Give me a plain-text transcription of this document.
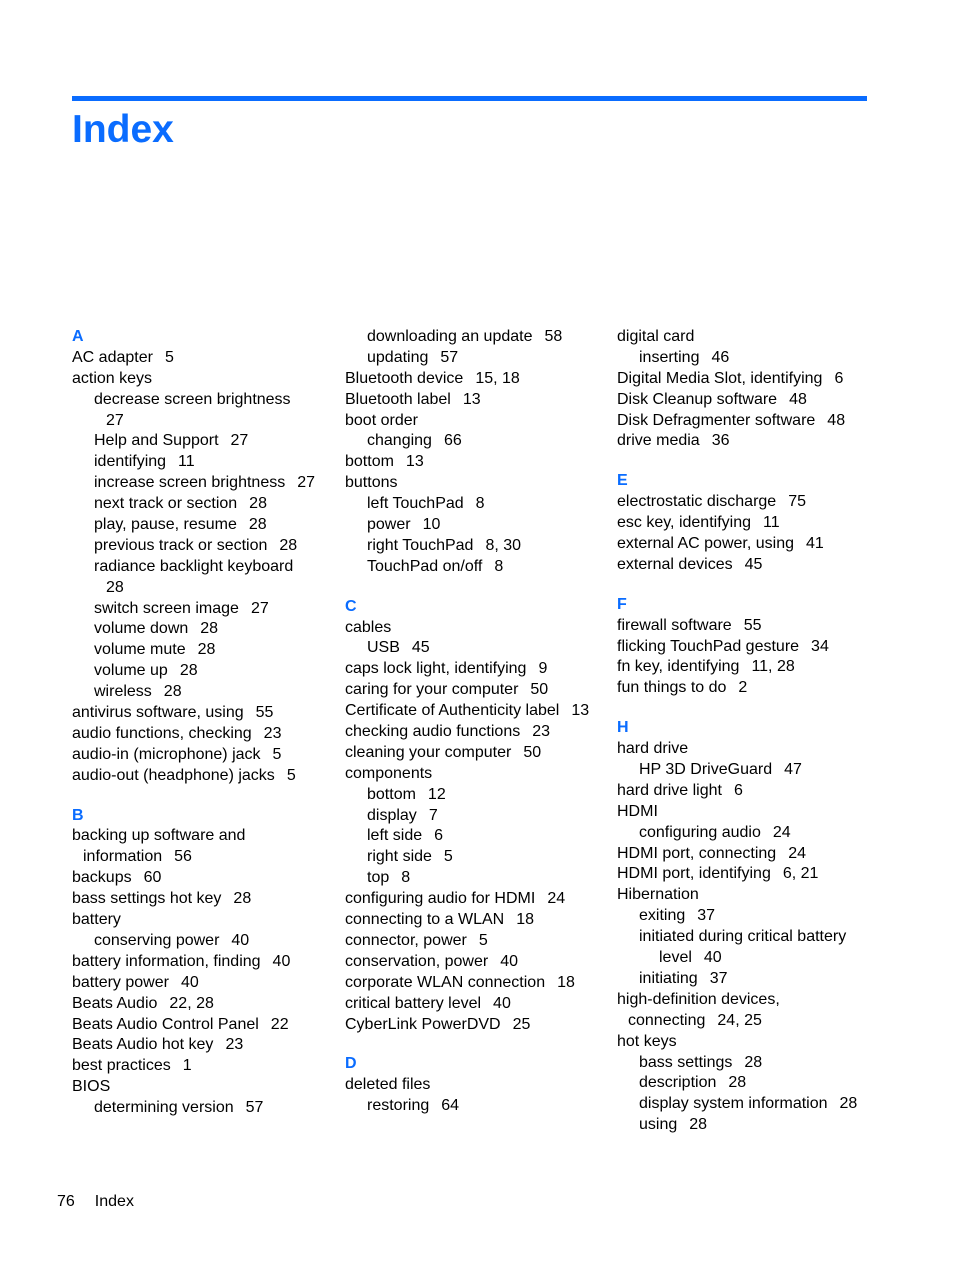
Index
A
AC adapter 5
action keys
decrease screen brightness
27
Help and Support 27
identifying 11
increase screen brightness 27
next track or section 28
play, pause, resume 28
previous track or section 28
radiance backlight keyboard
28
switch screen image 27
volume down 28
volume mute 28
volume up 28
wireless 28
antivirus software, using 55
audio functions, checking 23
audio-in (microphone) jack 5
audio-out (headphone) jacks 5
B
backing up software and
information 56
backups 60
bass settings hot key 28
battery
conserving power 40
battery information, finding 40
battery power 40
Beats Audio 22, 28
Beats Audio Control Panel 22
Beats Audio hot key 23
best practices 1
BIOS
determining version 57
downloading an update 58
updating 57
Bluetooth device 15, 18
Bluetooth label 13
boot order
changing 66
bottom 13
buttons
left TouchPad 8
power 10
right TouchPad 8, 30
TouchPad on/off 8
C
cables
USB 45
caps lock light, identifying 9
caring for your computer 50
Certificate of Authenticity label 13
checking audio functions 23
cleaning your computer 50
components
bottom 12
display 7
left side 6
right side 5
top 8
configuring audio for HDMI 24
connecting to a WLAN 18
connector, power 5
conservation, power 40
corporate WLAN connection 18
critical battery level 40
CyberLink PowerDVD 25
D
deleted files
restoring 64
digital card
inserting 46
Digital Media Slot, identifying 6
Disk Cleanup software 48
Disk Defragmenter software 48
drive media 36
E
electrostatic discharge 75
esc key, identifying 11
external AC power, using 41
external devices 45
F
firewall software 55
flicking TouchPad gesture 34
fn key, identifying 11, 28
fun things to do 2
H
hard drive
HP 3D DriveGuard 47
hard drive light 6
HDMI
configuring audio 24
HDMI port, connecting 24
HDMI port, identifying 6, 21
Hibernation
exiting 37
initiated during critical battery
level 40
initiating 37
high-definition devices,
connecting 24, 25
hot keys
bass settings 28
description 28
display system information 28
using 28
76 Index
